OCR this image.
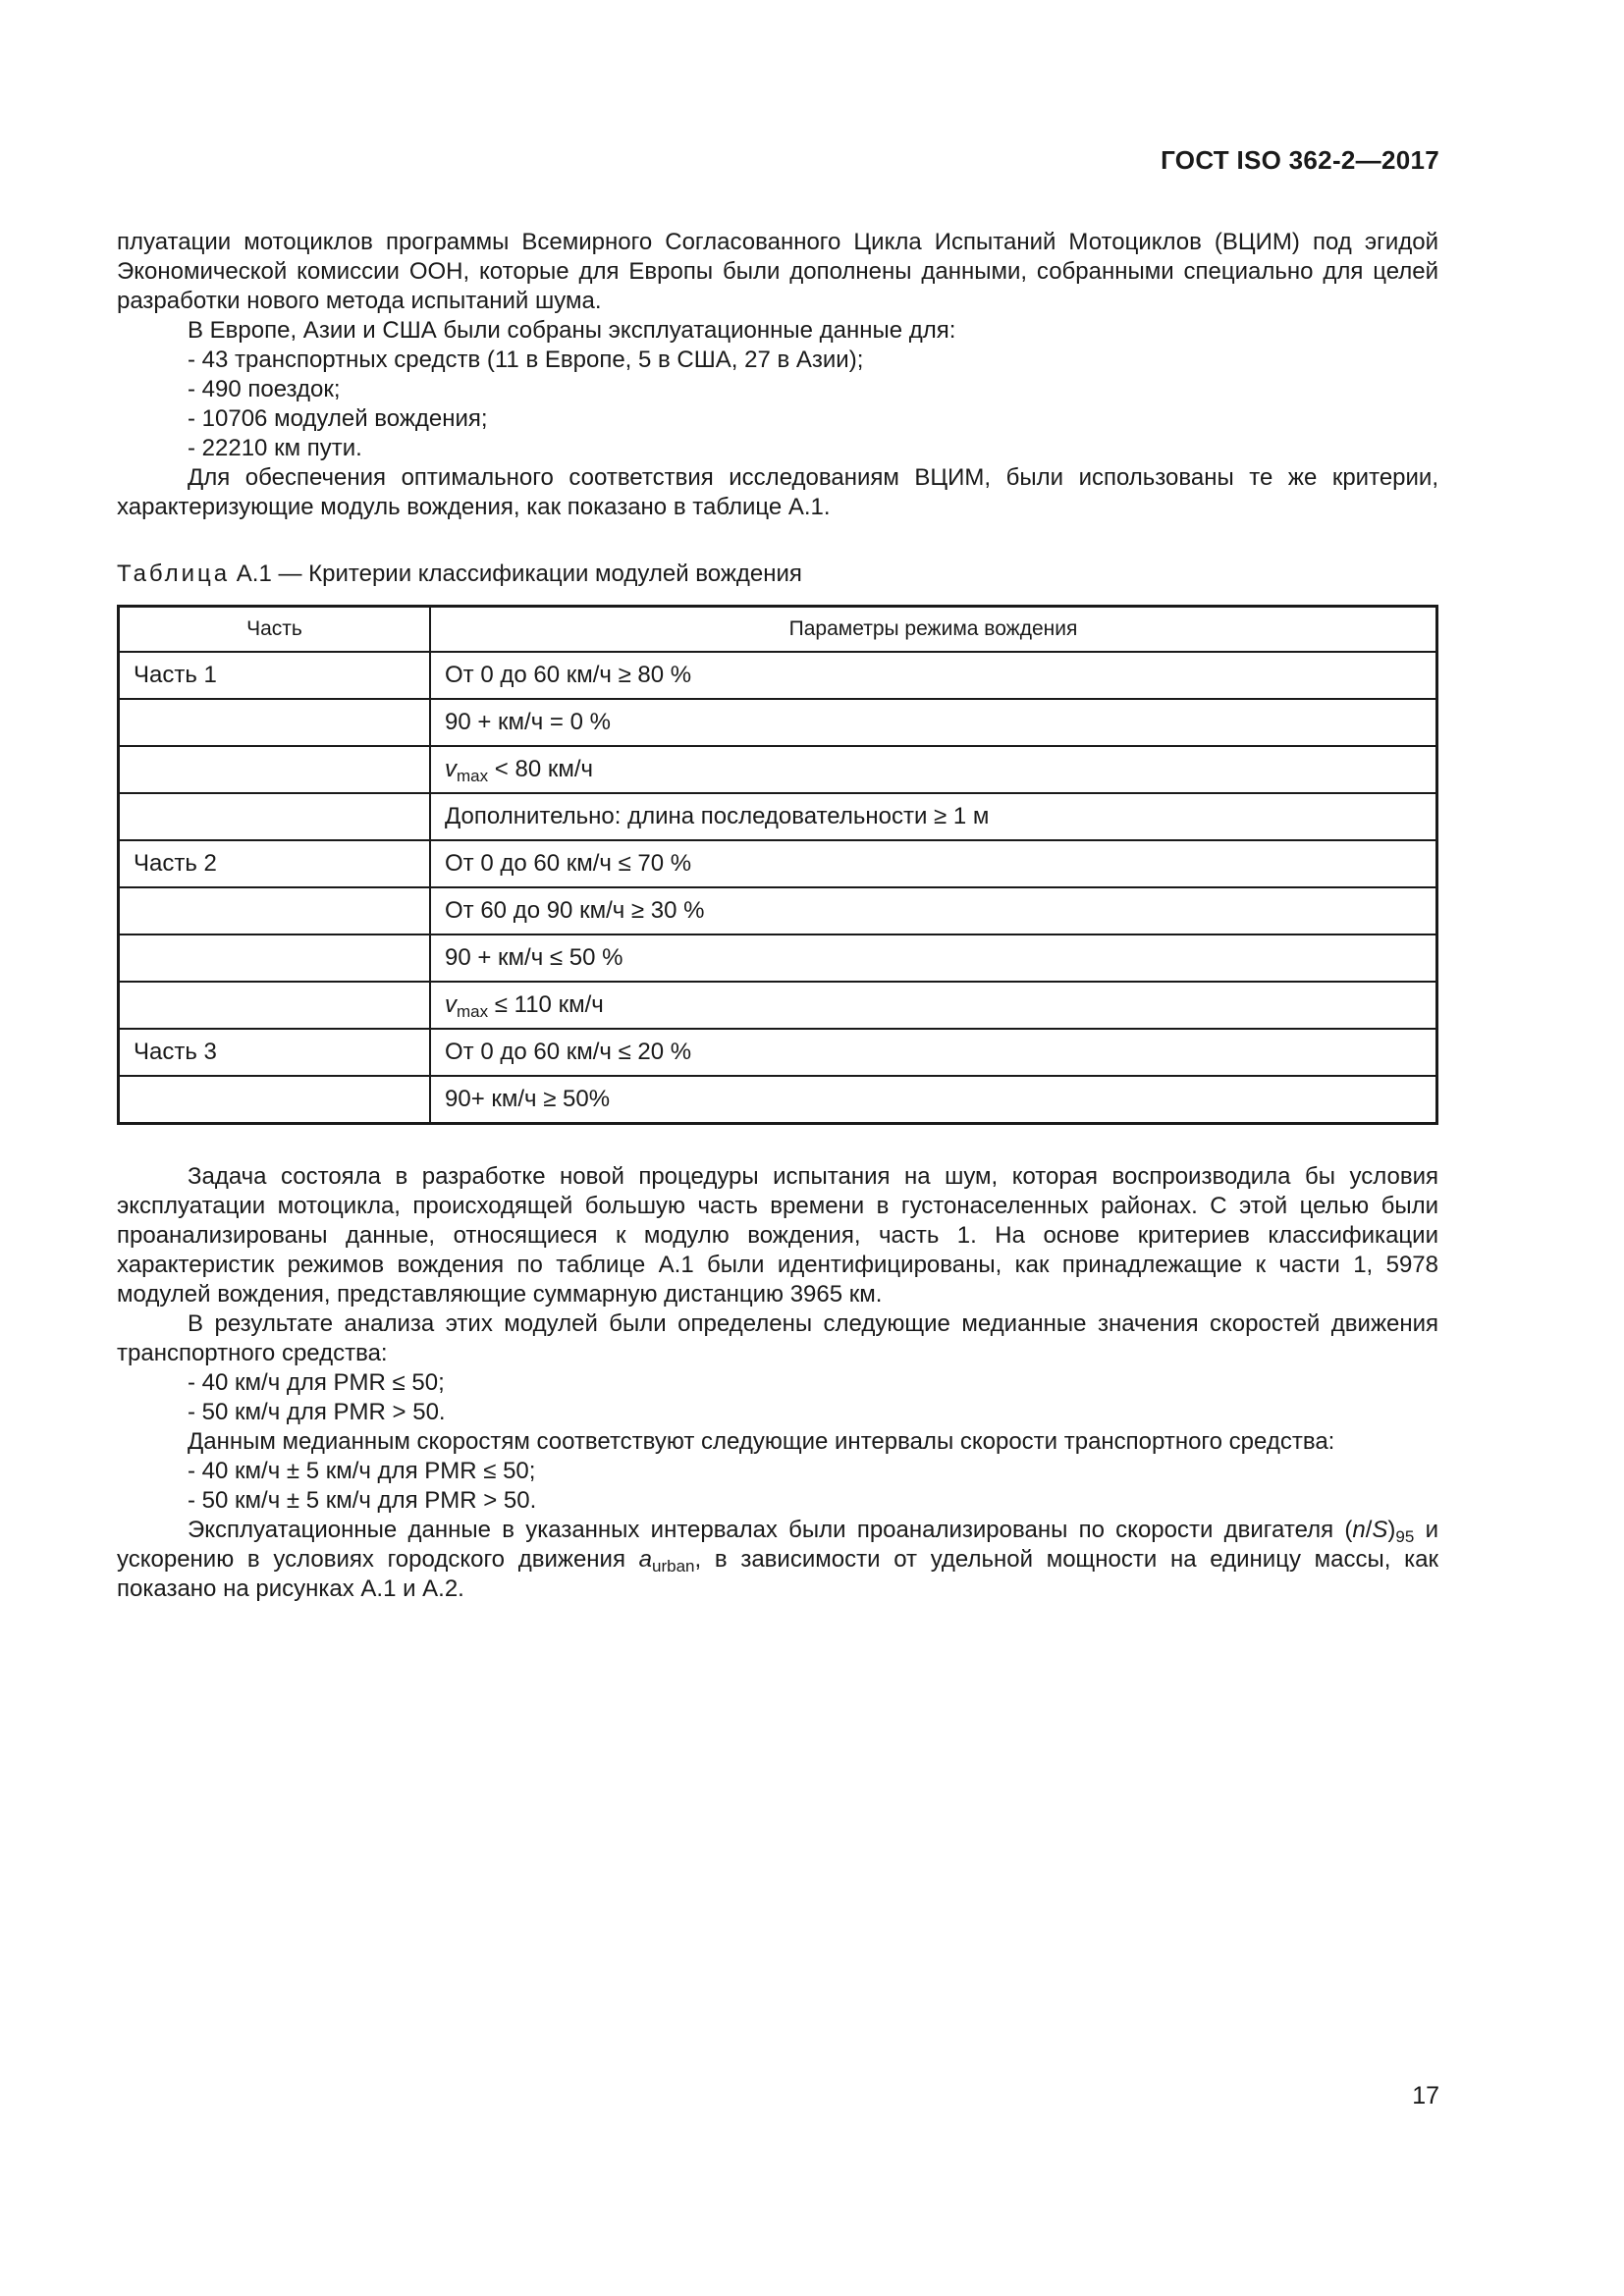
ГОСТ ISO 362-2—2017

плуатации мотоциклов программы Всемирного Согласованного Цикла Испытаний Мотоциклов (ВЦИМ) под эгидой Экономической комиссии ООН, которые для Европы были дополнены данными, собранными специально для целей разработки нового метода испытаний шума.

В Европе, Азии и США были собраны эксплуатационные данные для:

- 43 транспортных средств (11 в Европе, 5 в США, 27 в Азии);

- 490 поездок;

- 10706 модулей вождения;

- 22210 км пути.

Для обеспечения оптимального соответствия исследованиям ВЦИМ, были использованы те же критерии, характеризующие модуль вождения, как показано в таблице А.1.

Таблица А.1 — Критерии классификации модулей вождения

Часть	Параметры режима вождения
Часть 1	От 0 до 60 км/ч ≥ 80 %
	90 + км/ч = 0 %
	$v_{max} < 80$ км/ч
	Дополнительно: длина последовательности ≥ 1 м
Часть 2	От 0 до 60 км/ч ≤ 70 %
	От 60 до 90 км/ч ≥ 30 %
	90 + км/ч ≤ 50 %
	$v_{max} \le 110$ км/ч
Часть 3	От 0 до 60 км/ч ≤ 20 %
	90+ км/ч ≥ 50%

Задача состояла в разработке новой процедуры испытания на шум, которая воспроизводила бы условия эксплуатации мотоцикла, происходящей большую часть времени в густонаселенных районах. С этой целью были проанализированы данные, относящиеся к модулю вождения, часть 1. На основе критериев классификации характеристик режимов вождения по таблице А.1 были идентифицированы, как принадлежащие к части 1, 5978 модулей вождения, представляющие суммарную дистанцию 3965 км.

В результате анализа этих модулей были определены следующие медианные значения скоростей движения транспортного средства:

- 40 км/ч для PMR ≤ 50;

- 50 км/ч для PMR > 50.

Данным медианным скоростям соответствуют следующие интервалы скорости транспортного средства:

- 40 км/ч ± 5 км/ч для PMR ≤ 50;

- 50 км/ч ± 5 км/ч для PMR > 50.

Эксплуатационные данные в указанных интервалах были проанализированы по скорости двигателя $(n/S)_{95}$ и ускорению в условиях городского движения $a_{urban}$, в зависимости от удельной мощности на единицу массы, как показано на рисунках А.1 и А.2.

17
